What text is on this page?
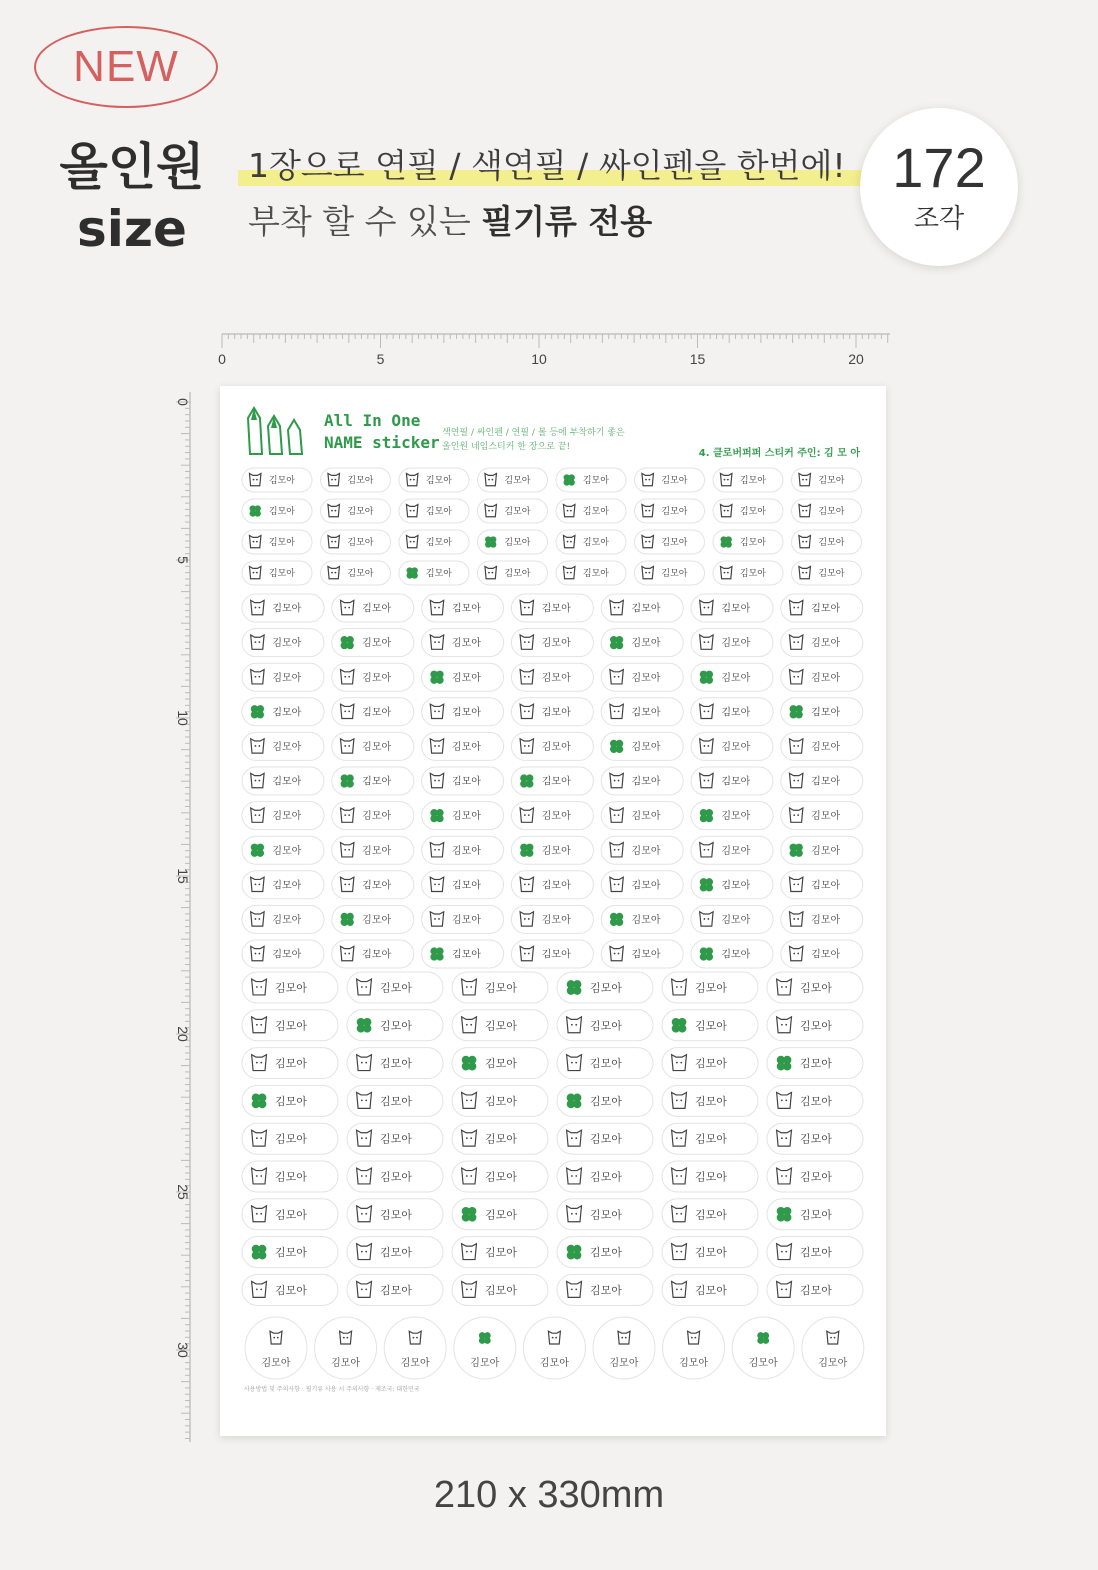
NEW
올인원
size
1장으로 연필 / 색연필 / 싸인펜을 한번에!
부착 할 수 있는 필기류 전용
172
조각
0	5	10	15	20
0
5
10
15
20
25
30
All In One
NAME sticker 색연필 / 싸인펜 / 연필 / 볼 등에 부착하기 좋은
올인원 네임스티커 한 장으로 끝!
4. 클로버퍼퍼 스티커 주인: 김 모 아
김모아	김모아	김모아	김모아	김모아	김모아	김모아	김모아
김모아	김모아	김모아	김모아	김모아	김모아	김모아	김모아
김모아	김모아	김모아	김모아	김모아	김모아	김모아	김모아
김모아	김모아	김모아	김모아	김모아	김모아	김모아	김모아
김모아	김모아	김모아	김모아	김모아	김모아	김모아
김모아	김모아	김모아	김모아	김모아	김모아	김모아
김모아	김모아	김모아	김모아	김모아	김모아	김모아
김모아	김모아	김모아	김모아	김모아	김모아	김모아
김모아	김모아	김모아	김모아	김모아	김모아	김모아
김모아	김모아	김모아	김모아	김모아	김모아	김모아
김모아	김모아	김모아	김모아	김모아	김모아	김모아
김모아	김모아	김모아	김모아	김모아	김모아	김모아
김모아	김모아	김모아	김모아	김모아	김모아	김모아
김모아	김모아	김모아	김모아	김모아	김모아	김모아
김모아	김모아	김모아	김모아	김모아	김모아	김모아
김모아	김모아	김모아	김모아	김모아	김모아
김모아	김모아	김모아	김모아	김모아	김모아
김모아	김모아	김모아	김모아	김모아	김모아
김모아	김모아	김모아	김모아	김모아	김모아
김모아	김모아	김모아	김모아	김모아	김모아
김모아	김모아	김모아	김모아	김모아	김모아
김모아	김모아	김모아	김모아	김모아	김모아
김모아	김모아	김모아	김모아	김모아	김모아
김모아	김모아	김모아	김모아	김모아	김모아
김모아	김모아	김모아	김모아	김모아	김모아	김모아	김모아	김모아
사용방법 및 주의사항 · 필기류 사용 시 주의사항 · 제조국: 대한민국
210 x 330mm
